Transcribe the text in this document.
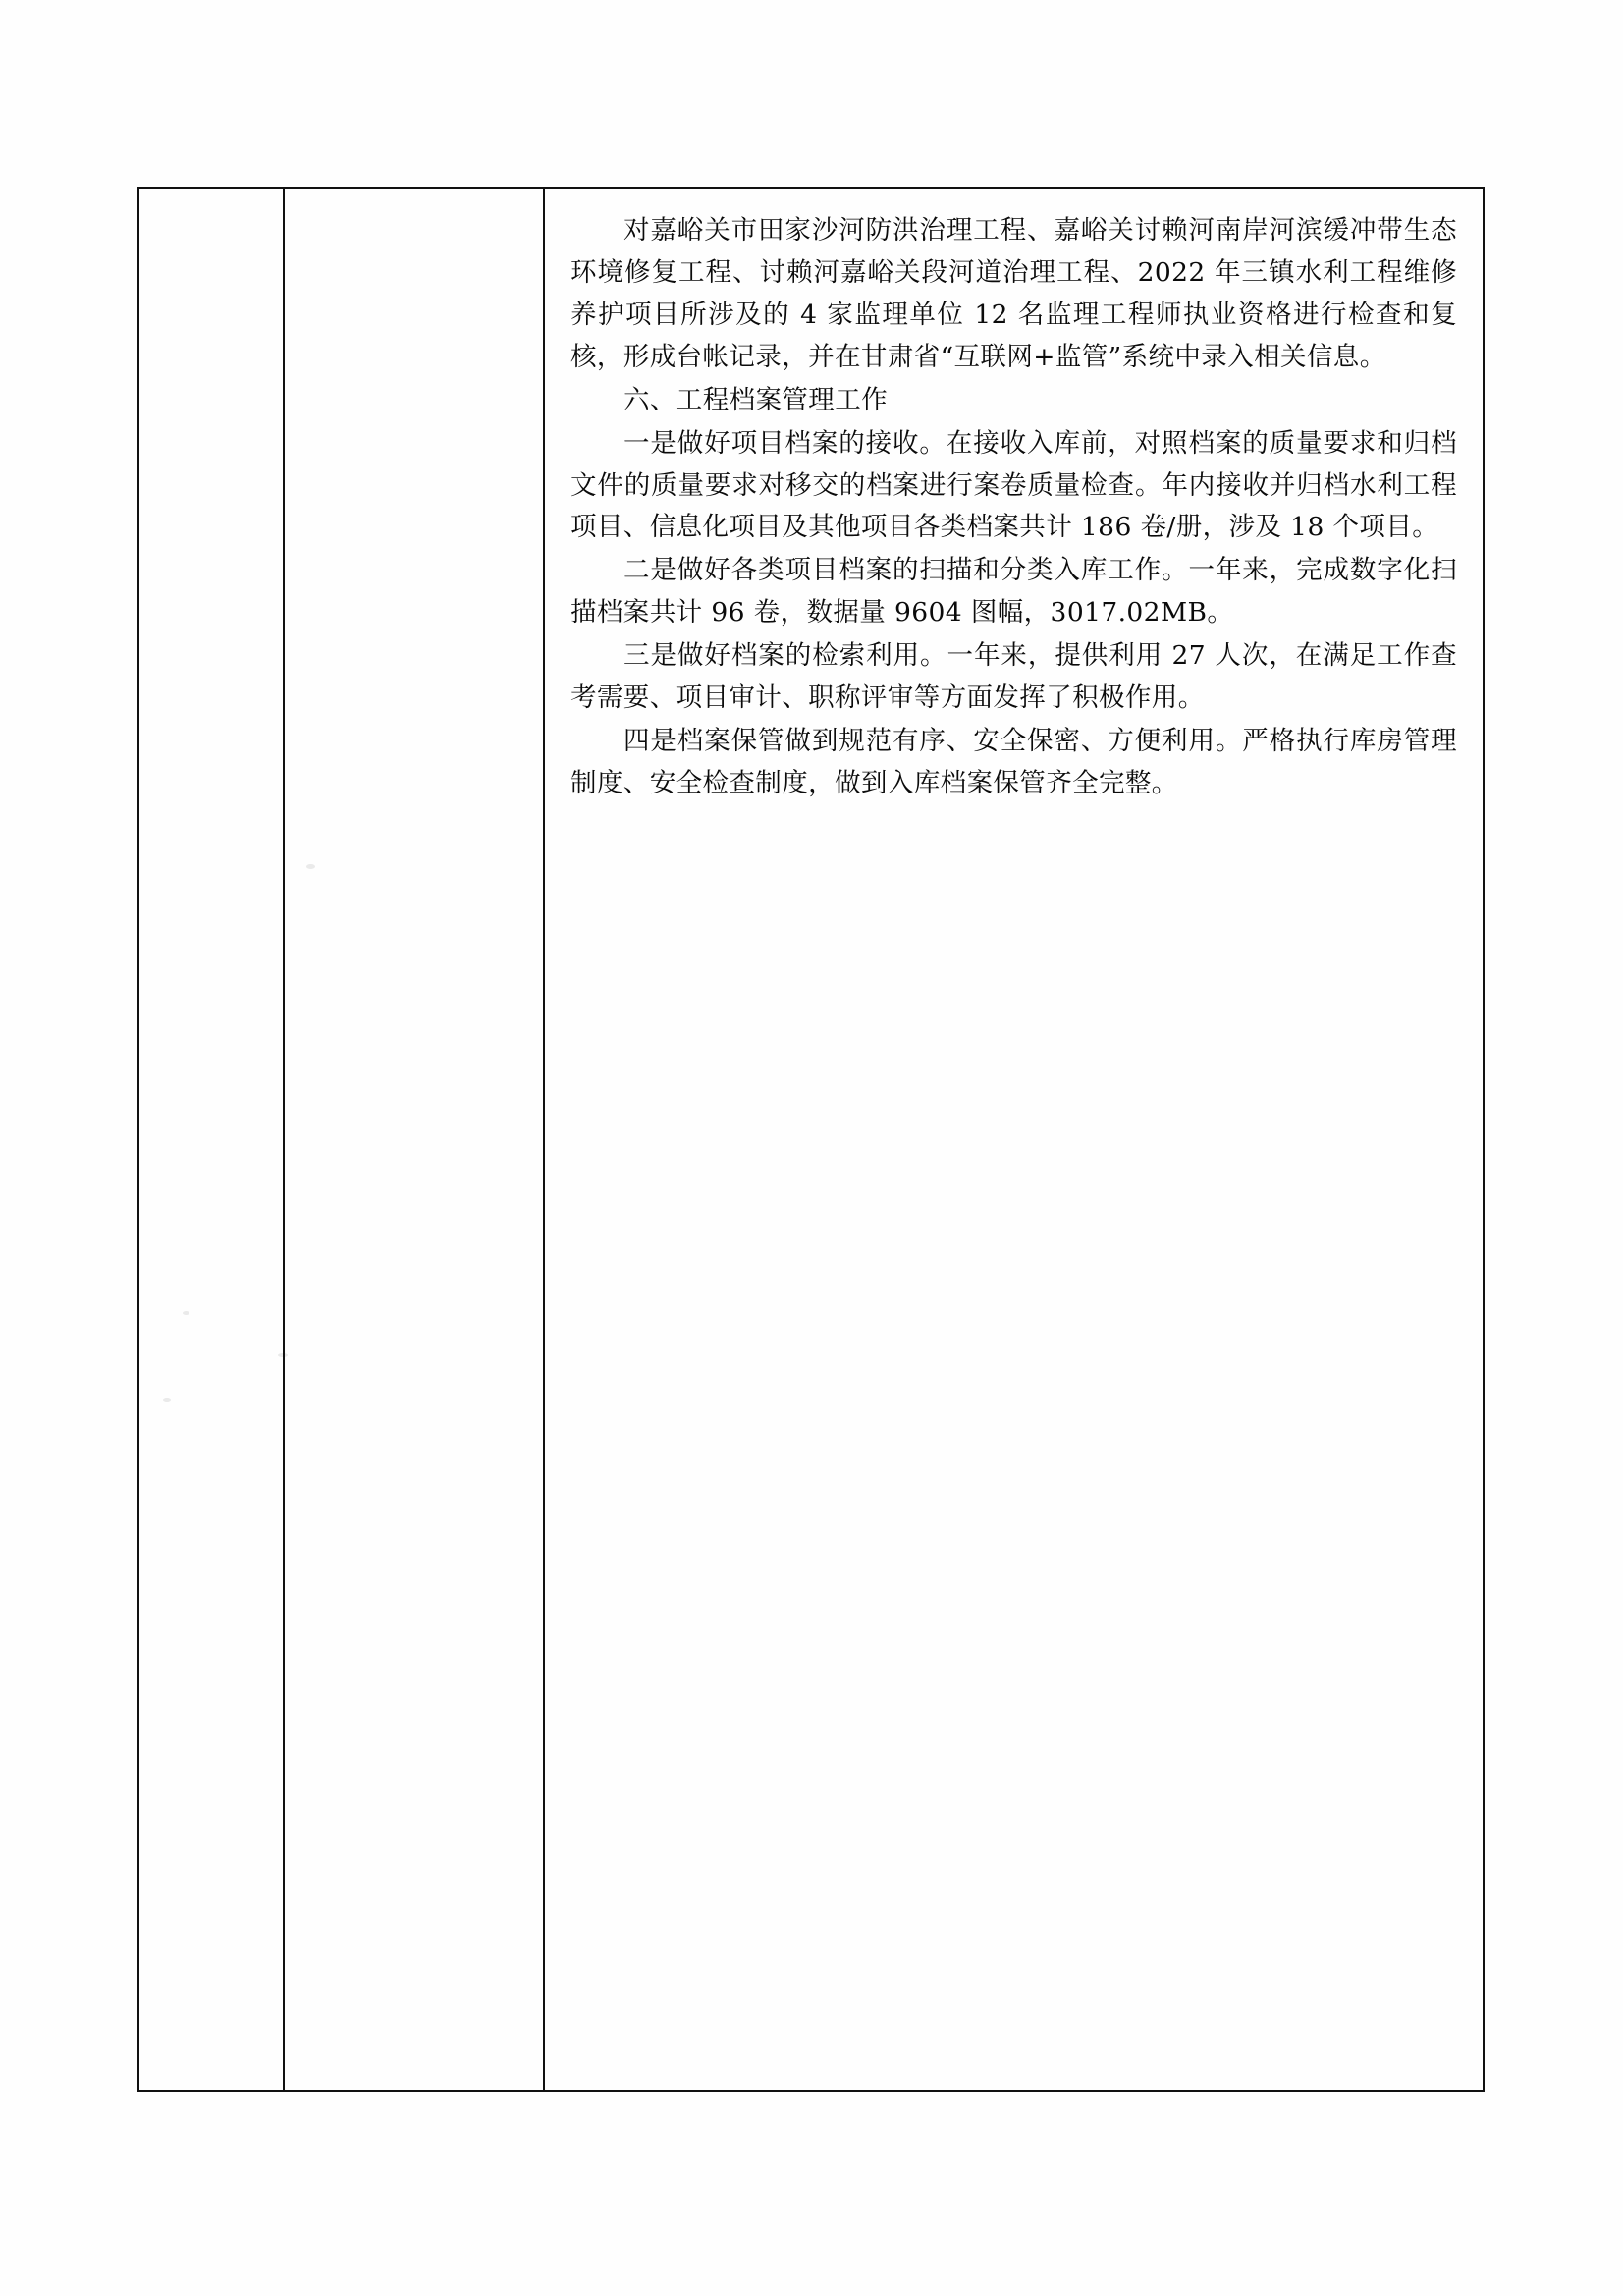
对嘉峪关市田家沙河防洪治理工程、嘉峪关讨赖河南岸河滨缓冲带生态环境修复工程、讨赖河嘉峪关段河道治理工程、2022 年三镇水利工程维修养护项目所涉及的 4 家监理单位 12 名监理工程师执业资格进行检查和复核，形成台帐记录，并在甘肃省“互联网+监管”系统中录入相关信息。

六、工程档案管理工作

一是做好项目档案的接收。在接收入库前，对照档案的质量要求和归档文件的质量要求对移交的档案进行案卷质量检查。年内接收并归档水利工程项目、信息化项目及其他项目各类档案共计 186 卷/册，涉及 18 个项目。

二是做好各类项目档案的扫描和分类入库工作。一年来，完成数字化扫描档案共计 96 卷，数据量 9604 图幅，3017.02MB。

三是做好档案的检索利用。一年来，提供利用 27 人次，在满足工作查考需要、项目审计、职称评审等方面发挥了积极作用。

四是档案保管做到规范有序、安全保密、方便利用。严格执行库房管理制度、安全检查制度，做到入库档案保管齐全完整。
